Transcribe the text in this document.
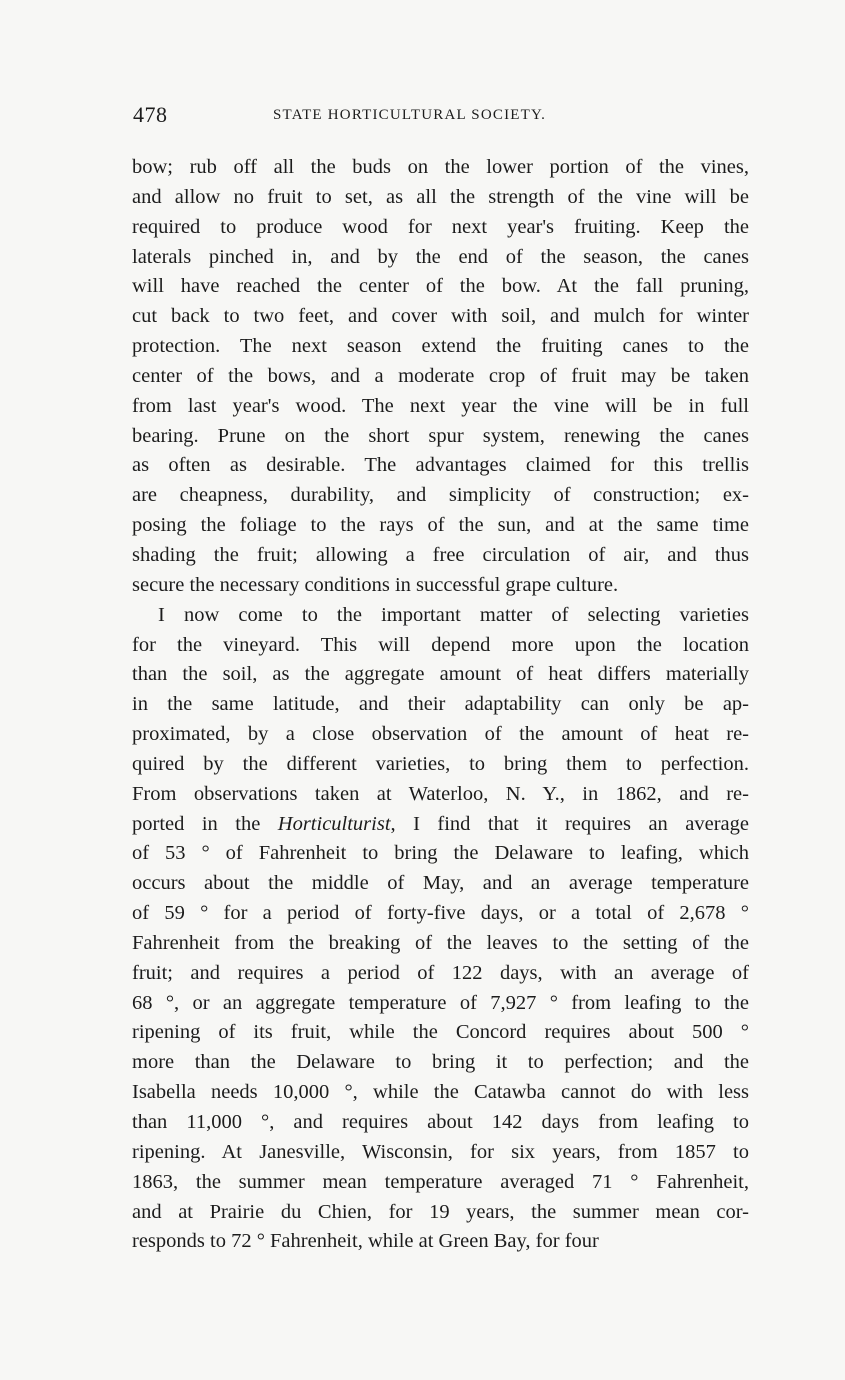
478	STATE HORTICULTURAL SOCIETY.
bow; rub off all the buds on the lower portion of the vines,
and allow no fruit to set, as all the strength of the vine will be
required to produce wood for next year's fruiting. Keep the
laterals pinched in, and by the end of the season, the canes
will have reached the center of the bow. At the fall pruning,
cut back to two feet, and cover with soil, and mulch for winter
protection. The next season extend the fruiting canes to the
center of the bows, and a moderate crop of fruit may be taken
from last year's wood. The next year the vine will be in full
bearing. Prune on the short spur system, renewing the canes
as often as desirable. The advantages claimed for this trellis
are cheapness, durability, and simplicity of construction; ex-
posing the foliage to the rays of the sun, and at the same time
shading the fruit; allowing a free circulation of air, and thus
secure the necessary conditions in successful grape culture.
I now come to the important matter of selecting varieties
for the vineyard. This will depend more upon the location
than the soil, as the aggregate amount of heat differs materially
in the same latitude, and their adaptability can only be ap-
proximated, by a close observation of the amount of heat re-
quired by the different varieties, to bring them to perfection.
From observations taken at Waterloo, N. Y., in 1862, and re-
ported in the Horticulturist, I find that it requires an average
of 53 ° of Fahrenheit to bring the Delaware to leafing, which
occurs about the middle of May, and an average temperature
of 59 ° for a period of forty-five days, or a total of 2,678 °
Fahrenheit from the breaking of the leaves to the setting of the
fruit; and requires a period of 122 days, with an average of
68 °, or an aggregate temperature of 7,927 ° from leafing to the
ripening of its fruit, while the Concord requires about 500 °
more than the Delaware to bring it to perfection; and the
Isabella needs 10,000 °, while the Catawba cannot do with less
than 11,000 °, and requires about 142 days from leafing to
ripening. At Janesville, Wisconsin, for six years, from 1857 to
1863, the summer mean temperature averaged 71 ° Fahrenheit,
and at Prairie du Chien, for 19 years, the summer mean cor-
responds to 72 ° Fahrenheit, while at Green Bay, for four
